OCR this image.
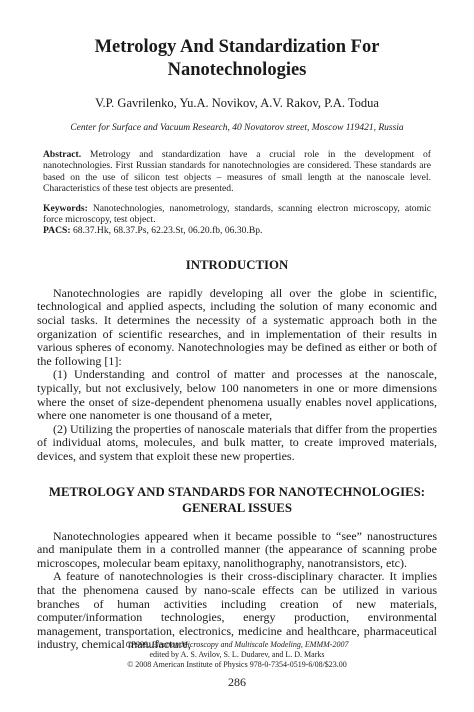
Metrology And Standardization For
Nanotechnologies

V.P. Gavrilenko, Yu.A. Novikov, A.V. Rakov, P.A. Todua

Center for Surface and Vacuum Research, 40 Novatorov street, Moscow 119421, Russia

Abstract. Metrology and standardization have a crucial role in the development of nanotechnologies. First Russian standards for nanotechnologies are considered. These standards are based on the use of silicon test objects – measures of small length at the nanoscale level. Characteristics of these test objects are presented.

Keywords: Nanotechnologies, nanometrology, standards, scanning electron microscopy, atomic force microscopy, test object.

PACS: 68.37.Hk, 68.37.Ps, 62.23.St, 06.20.fb, 06.30.Bp.

INTRODUCTION

Nanotechnologies are rapidly developing all over the globe in scientific, technological and applied aspects, including the solution of many economic and social tasks. It determines the necessity of a systematic approach both in the organization of scientific researches, and in implementation of their results in various spheres of economy. Nanotechnologies may be defined as either or both of the following [1]:

(1) Understanding and control of matter and processes at the nanoscale, typically, but not exclusively, below 100 nanometers in one or more dimensions where the onset of size-dependent phenomena usually enables novel applications, where one nanometer is one thousand of a meter,

(2) Utilizing the properties of nanoscale materials that differ from the properties of individual atoms, molecules, and bulk matter, to create improved materials, devices, and system that exploit these new properties.

METROLOGY AND STANDARDS FOR NANOTECHNOLOGIES:
GENERAL ISSUES

Nanotechnologies appeared when it became possible to “see” nanostructures and manipulate them in a controlled manner (the appearance of scanning probe microscopes, molecular beam epitaxy, nanolithography, nanotransistors, etc).

A feature of nanotechnologies is their cross-disciplinary character. It implies that the phenomena caused by nano-scale effects can be utilized in various branches of human activities including creation of new materials, computer/information technologies, energy production, environmental management, transportation, electronics, medicine and healthcare, pharmaceutical industry, chemical manufacture,

CP999, Electron Microscopy and Multiscale Modeling, EMMM-2007
edited by A. S. Avilov, S. L. Dudarev, and L. D. Marks
© 2008 American Institute of Physics 978-0-7354-0519-6/08/$23.00
286
